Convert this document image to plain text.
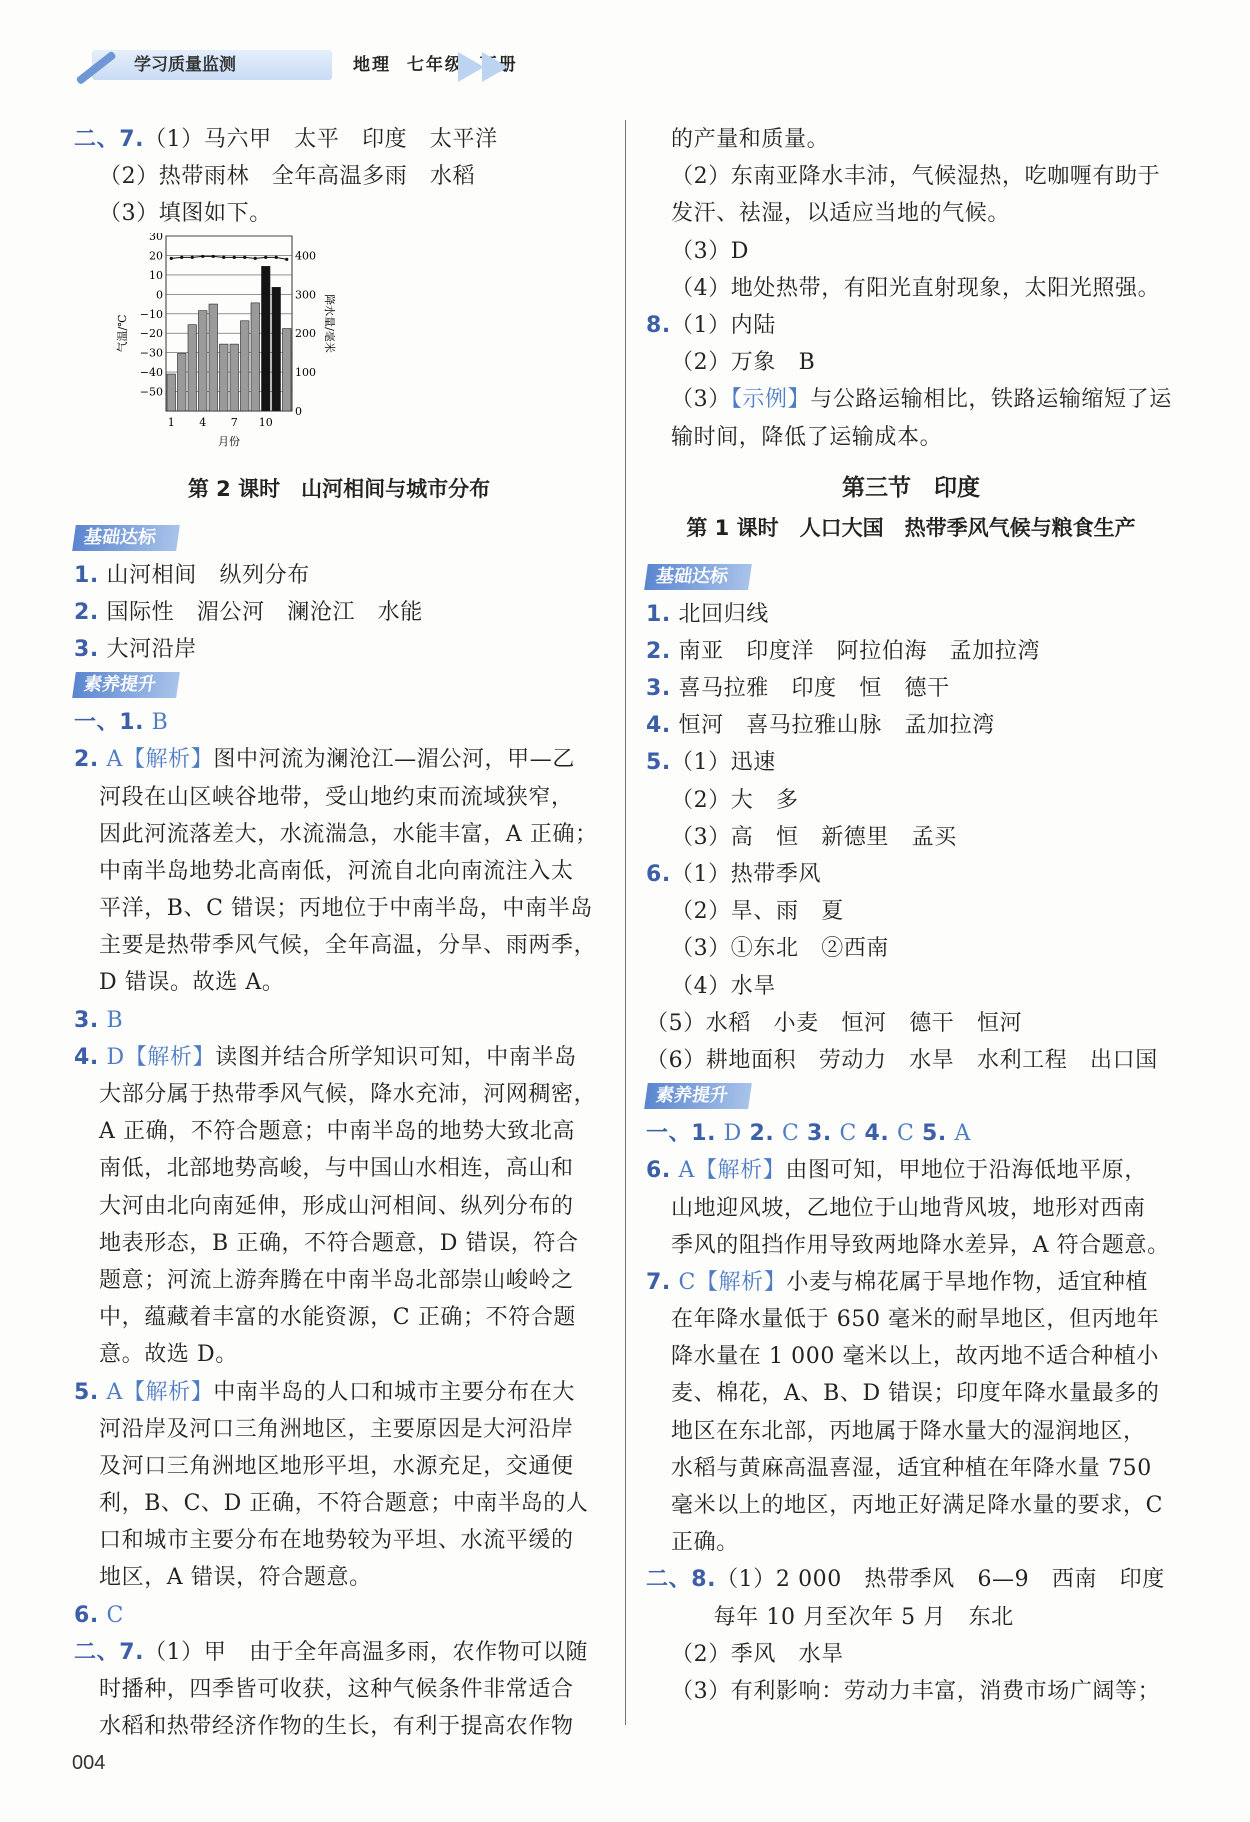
学习质量监测	地理  七年级  下册
二、7.（1）马六甲　太平　印度　太平洋
（2）热带雨林　全年高温多雨　水稻
（3）填图如下。
30
20
10
0
−10
−20
−30
−40
−50
400
300
200
100
0
1 4 7 10
月份
气温/℃	降水量/毫米
第 2 课时　山河相间与城市分布
基础达标
1. 山河相间　纵列分布
2. 国际性　湄公河　澜沧江　水能
3. 大河沿岸
素养提升
一、1. B
2. A【解析】图中河流为澜沧江—湄公河，甲—乙
河段在山区峡谷地带，受山地约束而流域狭窄，
因此河流落差大，水流湍急，水能丰富，A 正确；
中南半岛地势北高南低，河流自北向南流注入太
平洋，B、C 错误；丙地位于中南半岛，中南半岛
主要是热带季风气候，全年高温，分旱、雨两季，
D 错误。故选 A。
3. B
4. D【解析】读图并结合所学知识可知，中南半岛
大部分属于热带季风气候，降水充沛，河网稠密，
A 正确，不符合题意；中南半岛的地势大致北高
南低，北部地势高峻，与中国山水相连，高山和
大河由北向南延伸，形成山河相间、纵列分布的
地表形态，B 正确，不符合题意，D 错误，符合
题意；河流上游奔腾在中南半岛北部崇山峻岭之
中，蕴藏着丰富的水能资源，C 正确；不符合题
意。故选 D。
5. A【解析】中南半岛的人口和城市主要分布在大
河沿岸及河口三角洲地区，主要原因是大河沿岸
及河口三角洲地区地形平坦，水源充足，交通便
利，B、C、D 正确，不符合题意；中南半岛的人
口和城市主要分布在地势较为平坦、水流平缓的
地区，A 错误，符合题意。
6. C
二、7.（1）甲　由于全年高温多雨，农作物可以随
时播种，四季皆可收获，这种气候条件非常适合
水稻和热带经济作物的生长，有利于提高农作物
的产量和质量。
（2）东南亚降水丰沛，气候湿热，吃咖喱有助于
发汗、祛湿，以适应当地的气候。
（3）D
（4）地处热带，有阳光直射现象，太阳光照强。
8.（1）内陆
（2）万象　B
（3）【示例】与公路运输相比，铁路运输缩短了运
输时间，降低了运输成本。
第三节　印度
第 1 课时　人口大国　热带季风气候与粮食生产
基础达标
1. 北回归线
2. 南亚　印度洋　阿拉伯海　孟加拉湾
3. 喜马拉雅　印度　恒　德干
4. 恒河　喜马拉雅山脉　孟加拉湾
5.（1）迅速
（2）大　多
（3）高　恒　新德里　孟买
6.（1）热带季风
（2）旱、雨　夏
（3）①东北　②西南
（4）水旱
（5）水稻　小麦　恒河　德干　恒河
（6）耕地面积　劳动力　水旱　水利工程　出口国
素养提升
一、1. D 2. C 3. C 4. C 5. A
6. A【解析】由图可知，甲地位于沿海低地平原，
山地迎风坡，乙地位于山地背风坡，地形对西南
季风的阻挡作用导致两地降水差异，A 符合题意。
7. C【解析】小麦与棉花属于旱地作物，适宜种植
在年降水量低于 650 毫米的耐旱地区，但丙地年
降水量在 1 000 毫米以上，故丙地不适合种植小
麦、棉花，A、B、D 错误；印度年降水量最多的
地区在东北部，丙地属于降水量大的湿润地区，
水稻与黄麻高温喜湿，适宜种植在年降水量 750
毫米以上的地区，丙地正好满足降水量的要求，C
正确。
二、8.（1）2 000　热带季风　6—9　西南　印度
　每年 10 月至次年 5 月　东北
（2）季风　水旱
（3）有利影响：劳动力丰富，消费市场广阔等；
004
